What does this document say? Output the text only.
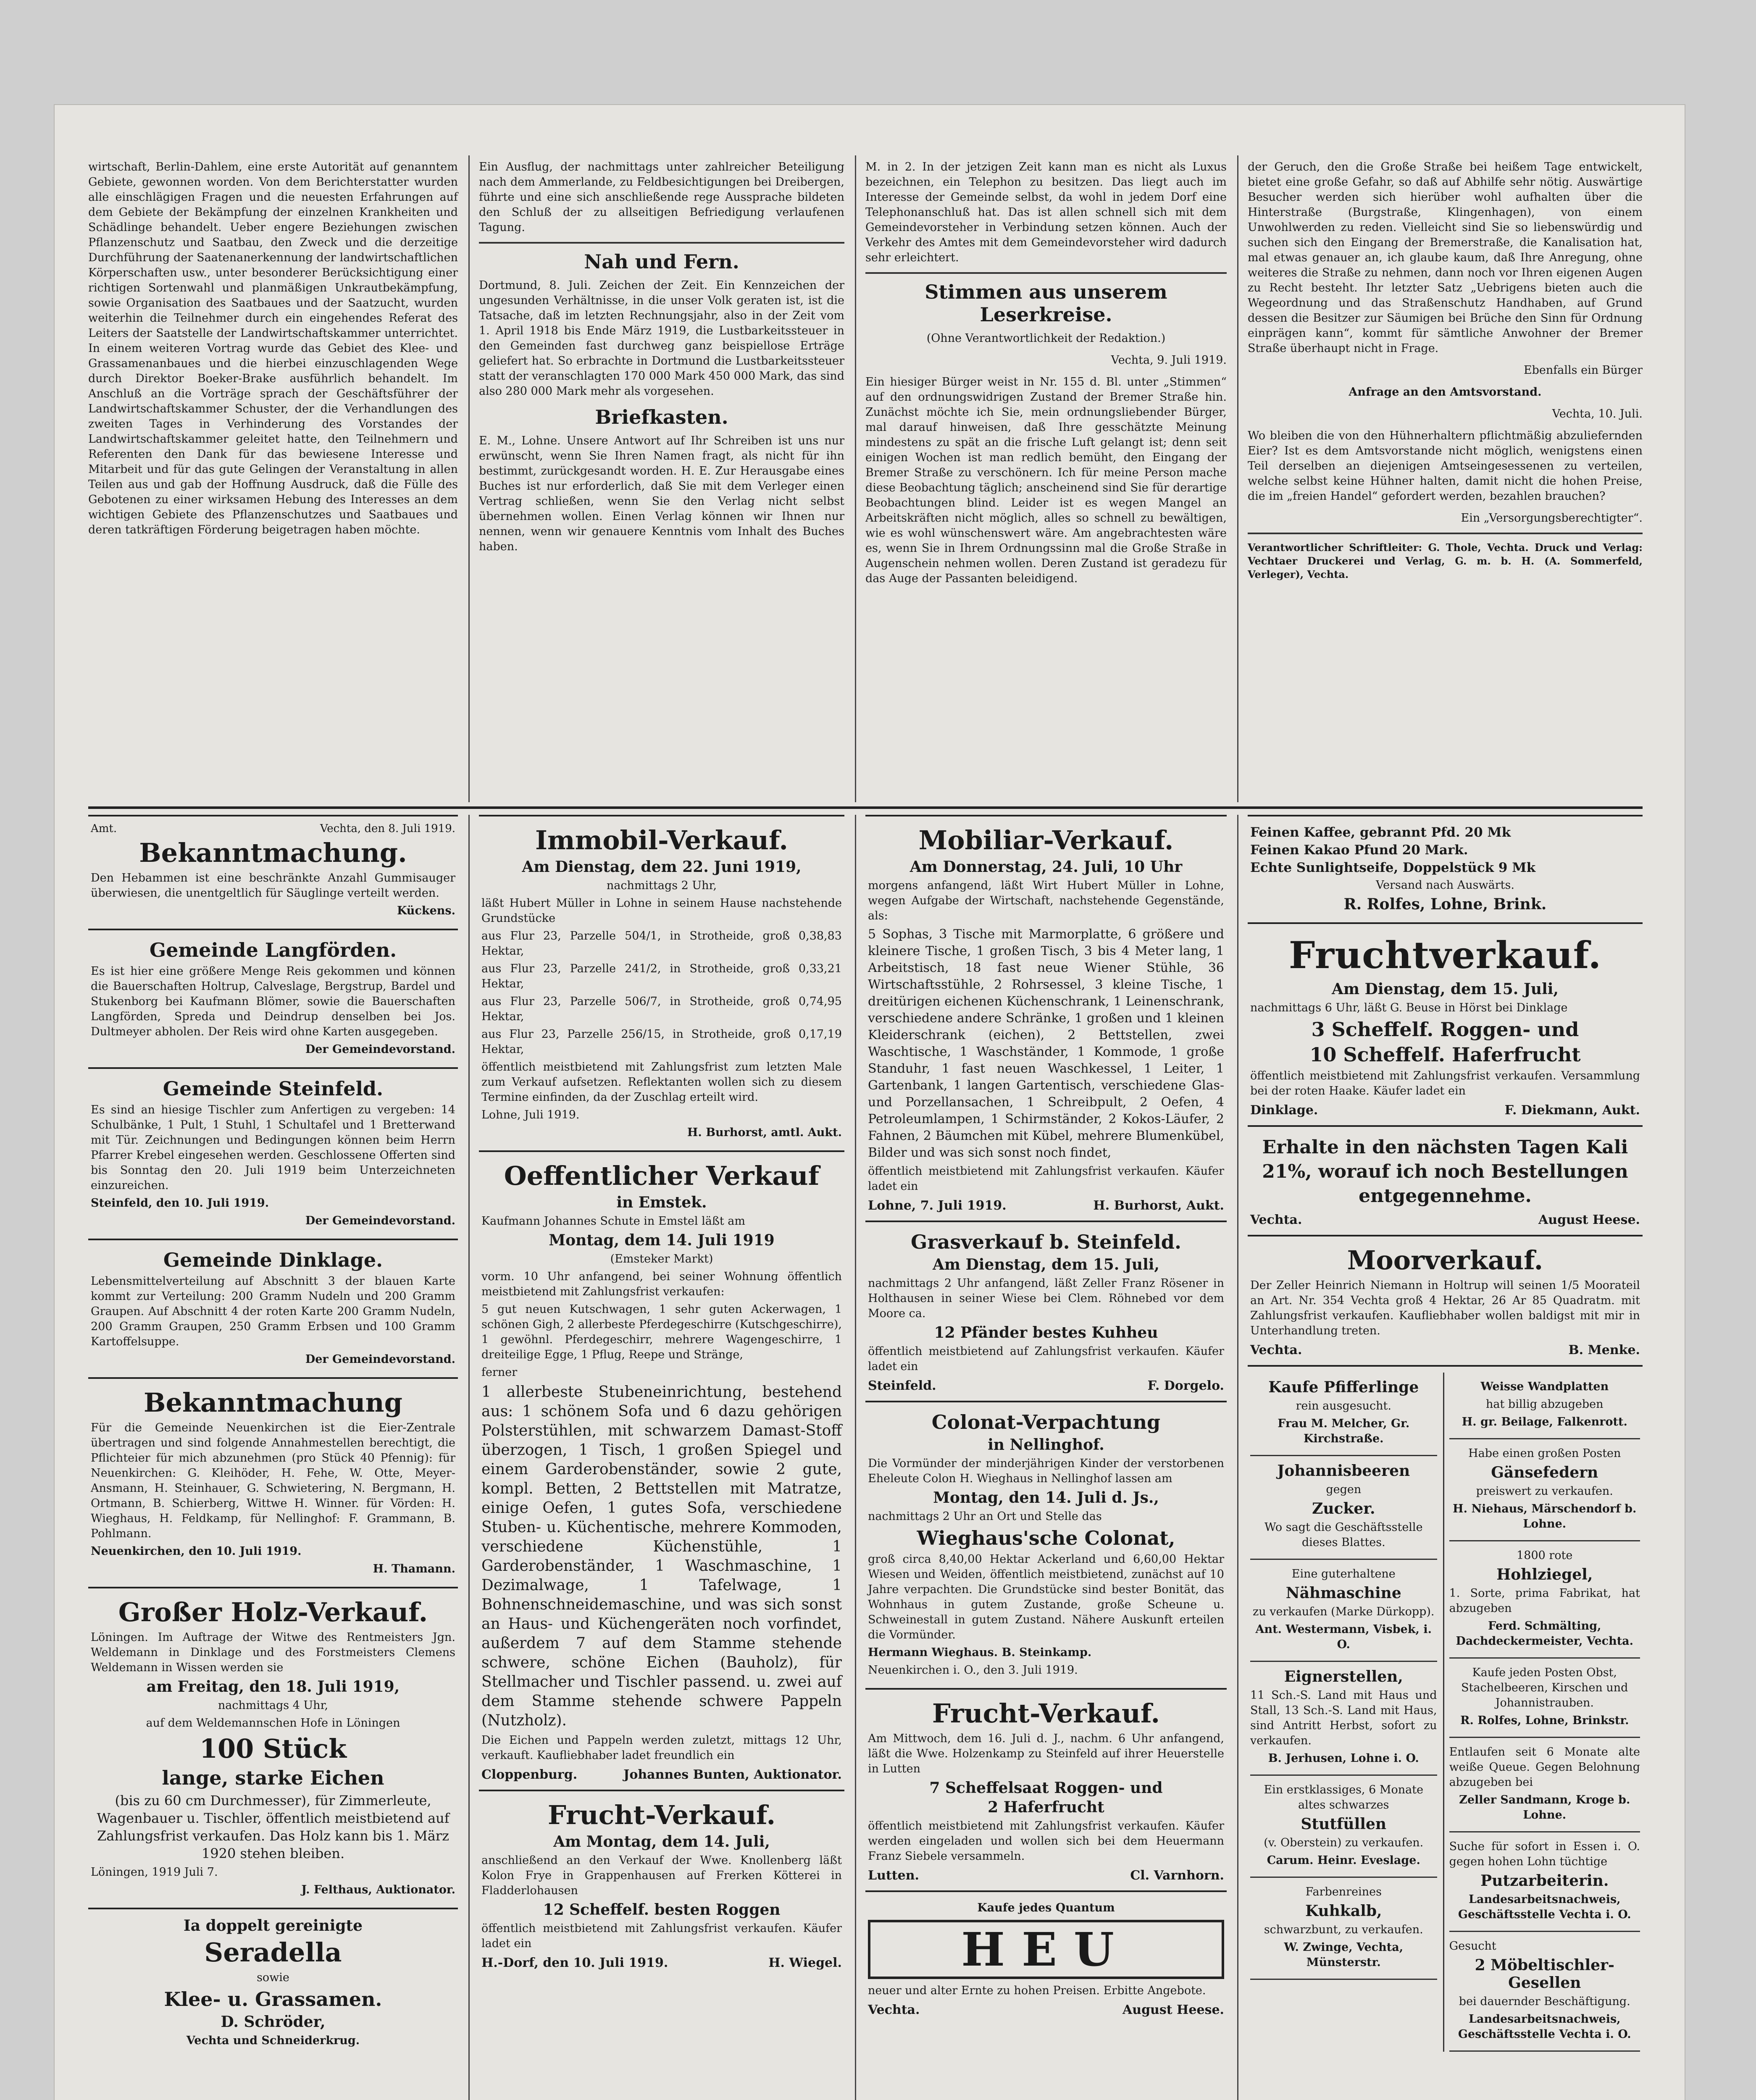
wirtschaft, Berlin-Dahlem, eine erste Autorität auf genanntem Gebiete, gewonnen worden. Von dem Berichterstatter wurden alle einschlägigen Fragen und die neuesten Erfahrungen auf dem Gebiete der Bekämpfung der einzelnen Krankheiten und Schädlinge behandelt. Ueber engere Beziehungen zwischen Pflanzenschutz und Saatbau, den Zweck und die derzeitige Durchführung der Saatenanerkennung der landwirtschaftlichen Körperschaften usw., unter besonderer Berücksichtigung einer richtigen Sortenwahl und planmäßigen Unkrautbekämpfung, sowie Organisation des Saatbaues und der Saatzucht, wurden weiterhin die Teilnehmer durch ein eingehendes Referat des Leiters der Saatstelle der Landwirtschaftskammer unterrichtet. In einem weiteren Vortrag wurde das Gebiet des Klee- und Grassamenanbaues und die hierbei einzuschlagenden Wege durch Direktor Boeker-Brake ausführlich behandelt. Im Anschluß an die Vorträge sprach der Geschäftsführer der Landwirtschaftskammer Schuster, der die Verhandlungen des zweiten Tages in Verhinderung des Vorstandes der Landwirtschaftskammer geleitet hatte, den Teilnehmern und Referenten den Dank für das bewiesene Interesse und Mitarbeit und für das gute Gelingen der Veranstaltung in allen Teilen aus und gab der Hoffnung Ausdruck, daß die Fülle des Gebotenen zu einer wirksamen Hebung des Interesses an dem wichtigen Gebiete des Pflanzenschutzes und Saatbaues und deren tatkräftigen Förderung beigetragen haben möchte.

Ein Ausflug, der nachmittags unter zahlreicher Beteiligung nach dem Ammerlande, zu Feldbesichtigungen bei Dreibergen, führte und eine sich anschließende rege Aussprache bildeten den Schluß der zu allseitigen Befriedigung verlaufenen Tagung.

Nah und Fern.

Dortmund, 8. Juli. Zeichen der Zeit. Ein Kennzeichen der ungesunden Verhältnisse, in die unser Volk geraten ist, ist die Tatsache, daß im letzten Rechnungsjahr, also in der Zeit vom 1. April 1918 bis Ende März 1919, die Lustbarkeitssteuer in den Gemeinden fast durchweg ganz beispiellose Erträge geliefert hat. So erbrachte in Dortmund die Lustbarkeitssteuer statt der veranschlagten 170 000 Mark 450 000 Mark, das sind also 280 000 Mark mehr als vorgesehen.

Briefkasten.

E. M., Lohne. Unsere Antwort auf Ihr Schreiben ist uns nur erwünscht, wenn Sie Ihren Namen fragt, als nicht für ihn bestimmt, zurückgesandt worden. H. E. Zur Herausgabe eines Buches ist nur erforderlich, daß Sie mit dem Verleger einen Vertrag schließen, wenn Sie den Verlag nicht selbst übernehmen wollen. Einen Verlag können wir Ihnen nur nennen, wenn wir genauere Kenntnis vom Inhalt des Buches haben.

M. in 2. In der jetzigen Zeit kann man es nicht als Luxus bezeichnen, ein Telephon zu besitzen. Das liegt auch im Interesse der Gemeinde selbst, da wohl in jedem Dorf eine Telephonanschluß hat. Das ist allen schnell sich mit dem Gemeindevorsteher in Verbindung setzen können. Auch der Verkehr des Amtes mit dem Gemeindevorsteher wird dadurch sehr erleichtert.

Stimmen aus unserem Leserkreise.

(Ohne Verantwortlichkeit der Redaktion.)

Vechta, 9. Juli 1919.

Ein hiesiger Bürger weist in Nr. 155 d. Bl. unter „Stimmen“ auf den ordnungswidrigen Zustand der Bremer Straße hin. Zunächst möchte ich Sie, mein ordnungsliebender Bürger, mal darauf hinweisen, daß Ihre gesschätzte Meinung mindestens zu spät an die frische Luft gelangt ist; denn seit einigen Wochen ist man redlich bemüht, den Eingang der Bremer Straße zu verschönern. Ich für meine Person mache diese Beobachtung täglich; anscheinend sind Sie für derartige Beobachtungen blind. Leider ist es wegen Mangel an Arbeitskräften nicht möglich, alles so schnell zu bewältigen, wie es wohl wünschenswert wäre. Am angebrachtesten wäre es, wenn Sie in Ihrem Ordnungssinn mal die Große Straße in Augenschein nehmen wollen. Deren Zustand ist geradezu für das Auge der Passanten beleidigend.

der Geruch, den die Große Straße bei heißem Tage entwickelt, bietet eine große Gefahr, so daß auf Abhilfe sehr nötig. Auswärtige Besucher werden sich hierüber wohl aufhalten über die Hinterstraße (Burgstraße, Klingenhagen), von einem Unwohlwerden zu reden. Vielleicht sind Sie so liebenswürdig und suchen sich den Eingang der Bremerstraße, die Kanalisation hat, mal etwas genauer an, ich glaube kaum, daß Ihre Anregung, ohne weiteres die Straße zu nehmen, dann noch vor Ihren eigenen Augen zu Recht besteht. Ihr letzter Satz „Uebrigens bieten auch die Wegeordnung und das Straßenschutz Handhaben, auf Grund dessen die Besitzer zur Säumigen bei Brüche den Sinn für Ordnung einprägen kann“, kommt für sämtliche Anwohner der Bremer Straße überhaupt nicht in Frage.

Ebenfalls ein Bürger

Anfrage an den Amtsvorstand.

Vechta, 10. Juli.

Wo bleiben die von den Hühnerhaltern pflichtmäßig abzuliefernden Eier? Ist es dem Amtsvorstande nicht möglich, wenigstens einen Teil derselben an diejenigen Amtseingesessenen zu verteilen, welche selbst keine Hühner halten, damit nicht die hohen Preise, die im „freien Handel“ gefordert werden, bezahlen brauchen?

Ein „Versorgungsberechtigter“.

Verantwortlicher Schriftleiter: G. Thole, Vechta. Druck und Verlag: Vechtaer Druckerei und Verlag, G. m. b. H. (A. Sommerfeld, Verleger), Vechta.

Amt.	Vechta, den 8. Juli 1919.
Bekanntmachung.

Den Hebammen ist eine beschränkte Anzahl Gummisauger überwiesen, die unentgeltlich für Säuglinge verteilt werden.

Kückens.

Gemeinde Langförden.

Es ist hier eine größere Menge Reis gekommen und können die Bauerschaften Holtrup, Calveslage, Bergstrup, Bardel und Stukenborg bei Kaufmann Blömer, sowie die Bauerschaften Langförden, Spreda und Deindrup denselben bei Jos. Dultmeyer abholen. Der Reis wird ohne Karten ausgegeben.

Der Gemeindevorstand.

Gemeinde Steinfeld.

Es sind an hiesige Tischler zum Anfertigen zu vergeben: 14 Schulbänke, 1 Pult, 1 Stuhl, 1 Schultafel und 1 Bretterwand mit Tür. Zeichnungen und Bedingungen können beim Herrn Pfarrer Krebel eingesehen werden. Geschlossene Offerten sind bis Sonntag den 20. Juli 1919 beim Unterzeichneten einzureichen.

Steinfeld, den 10. Juli 1919.

Der Gemeindevorstand.

Gemeinde Dinklage.

Lebensmittelverteilung auf Abschnitt 3 der blauen Karte kommt zur Verteilung: 200 Gramm Nudeln und 200 Gramm Graupen. Auf Abschnitt 4 der roten Karte 200 Gramm Nudeln, 200 Gramm Graupen, 250 Gramm Erbsen und 100 Gramm Kartoffelsuppe.

Der Gemeindevorstand.

Bekanntmachung

Für die Gemeinde Neuenkirchen ist die Eier-Zentrale übertragen und sind folgende Annahmestellen berechtigt, die Pflichteier für mich abzunehmen (pro Stück 40 Pfennig): für Neuenkirchen: G. Kleihöder, H. Fehe, W. Otte, Meyer-Ansmann, H. Steinhauer, G. Schwietering, N. Bergmann, H. Ortmann, B. Schierberg, Wittwe H. Winner. für Vörden: H. Wieghaus, H. Feldkamp, für Nellinghof: F. Grammann, B. Pohlmann.

Neuenkirchen, den 10. Juli 1919.

H. Thamann.

Großer Holz-Verkauf.

Löningen. Im Auftrage der Witwe des Rentmeisters Jgn. Weldemann in Dinklage und des Forstmeisters Clemens Weldemann in Wissen werden sie

am Freitag, den 18. Juli 1919,

nachmittags 4 Uhr,

auf dem Weldemannschen Hofe in Löningen

100 Stück
lange, starke Eichen

(bis zu 60 cm Durchmesser), für Zimmerleute, Wagenbauer u. Tischler, öffentlich meistbietend auf Zahlungsfrist verkaufen. Das Holz kann bis 1. März 1920 stehen bleiben.

Löningen, 1919 Juli 7.

J. Felthaus, Auktionator.

Ia doppelt gereinigte
Seradella

sowie

Klee- u. Grassamen.
D. Schröder,

Vechta und Schneiderkrug.

Immobil-Verkauf.
Am Dienstag, dem 22. Juni 1919,

nachmittags 2 Uhr,

läßt Hubert Müller in Lohne in seinem Hause nachstehende Grundstücke

aus Flur 23, Parzelle 504/1, in Strotheide, groß 0,38,83 Hektar,

aus Flur 23, Parzelle 241/2, in Strotheide, groß 0,33,21 Hektar,

aus Flur 23, Parzelle 506/7, in Strotheide, groß 0,74,95 Hektar,

aus Flur 23, Parzelle 256/15, in Strotheide, groß 0,17,19 Hektar,

öffentlich meistbietend mit Zahlungsfrist zum letzten Male zum Verkauf aufsetzen. Reflektanten wollen sich zu diesem Termine einfinden, da der Zuschlag erteilt wird.

Lohne, Juli 1919.

H. Burhorst, amtl. Aukt.

Oeffentlicher Verkauf
in Emstek.

Kaufmann Johannes Schute in Emstel läßt am

Montag, dem 14. Juli 1919

(Emsteker Markt)

vorm. 10 Uhr anfangend, bei seiner Wohnung öffentlich meistbietend mit Zahlungsfrist verkaufen:

5 gut neuen Kutschwagen, 1 sehr guten Ackerwagen, 1 schönen Gigh, 2 allerbeste Pferdegeschirre (Kutschgeschirre), 1 gewöhnl. Pferdegeschirr, mehrere Wagengeschirre, 1 dreiteilige Egge, 1 Pflug, Reepe und Stränge,

ferner

1 allerbeste Stubeneinrichtung, bestehend aus: 1 schönem Sofa und 6 dazu gehörigen Polsterstühlen, mit schwarzem Damast-Stoff überzogen, 1 Tisch, 1 großen Spiegel und einem Garderobenständer, sowie 2 gute, kompl. Betten, 2 Bettstellen mit Matratze, einige Oefen, 1 gutes Sofa, verschiedene Stuben- u. Küchentische, mehrere Kommoden, verschiedene Küchenstühle, 1 Garderobenständer, 1 Waschmaschine, 1 Dezimalwage, 1 Tafelwage, 1 Bohnenschneidemaschine, und was sich sonst an Haus- und Küchengeräten noch vorfindet, außerdem 7 auf dem Stamme stehende schwere, schöne Eichen (Bauholz), für Stellmacher und Tischler passend. u. zwei auf dem Stamme stehende schwere Pappeln (Nutzholz).

Die Eichen und Pappeln werden zuletzt, mittags 12 Uhr, verkauft. Kaufliebhaber ladet freundlich ein

Cloppenburg.	Johannes Bunten, Auktionator.
Frucht-Verkauf.
Am Montag, dem 14. Juli,

anschließend an den Verkauf der Wwe. Knollenberg läßt Kolon Frye in Grappenhausen auf Frerken Kötterei in Fladderlohausen

12 Scheffelf. besten Roggen

öffentlich meistbietend mit Zahlungsfrist verkaufen. Käufer ladet ein

H.-Dorf, den 10. Juli 1919.	H. Wiegel.
Mobiliar-Verkauf.
Am Donnerstag, 24. Juli, 10 Uhr

morgens anfangend, läßt Wirt Hubert Müller in Lohne, wegen Aufgabe der Wirtschaft, nachstehende Gegenstände, als:

5 Sophas, 3 Tische mit Marmorplatte, 6 größere und kleinere Tische, 1 großen Tisch, 3 bis 4 Meter lang, 1 Arbeitstisch, 18 fast neue Wiener Stühle, 36 Wirtschaftsstühle, 2 Rohrsessel, 3 kleine Tische, 1 dreitürigen eichenen Küchenschrank, 1 Leinenschrank, verschiedene andere Schränke, 1 großen und 1 kleinen Kleiderschrank (eichen), 2 Bettstellen, zwei Waschtische, 1 Waschständer, 1 Kommode, 1 große Standuhr, 1 fast neuen Waschkessel, 1 Leiter, 1 Gartenbank, 1 langen Gartentisch, verschiedene Glas- und Porzellansachen, 1 Schreibpult, 2 Oefen, 4 Petroleumlampen, 1 Schirmständer, 2 Kokos-Läufer, 2 Fahnen, 2 Bäumchen mit Kübel, mehrere Blumenkübel, Bilder und was sich sonst noch findet,

öffentlich meistbietend mit Zahlungsfrist verkaufen. Käufer ladet ein

Lohne, 7. Juli 1919.	H. Burhorst, Aukt.
Grasverkauf b. Steinfeld.
Am Dienstag, dem 15. Juli,

nachmittags 2 Uhr anfangend, läßt Zeller Franz Rösener in Holthausen in seiner Wiese bei Clem. Röhnebed vor dem Moore ca.

12 Pfänder bestes Kuhheu

öffentlich meistbietend auf Zahlungsfrist verkaufen. Käufer ladet ein

Steinfeld.	F. Dorgelo.
Colonat-Verpachtung
in Nellinghof.

Die Vormünder der minderjährigen Kinder der verstorbenen Eheleute Colon H. Wieghaus in Nellinghof lassen am

Montag, den 14. Juli d. Js.,

nachmittags 2 Uhr an Ort und Stelle das

Wieghaus'sche Colonat,

groß circa 8,40,00 Hektar Ackerland und 6,60,00 Hektar Wiesen und Weiden, öffentlich meistbietend, zunächst auf 10 Jahre verpachten. Die Grundstücke sind bester Bonität, das Wohnhaus in gutem Zustande, große Scheune u. Schweinestall in gutem Zustand. Nähere Auskunft erteilen die Vormünder.

Hermann Wieghaus. B. Steinkamp.

Neuenkirchen i. O., den 3. Juli 1919.

Frucht-Verkauf.

Am Mittwoch, dem 16. Juli d. J., nachm. 6 Uhr anfangend, läßt die Wwe. Holzenkamp zu Steinfeld auf ihrer Heuerstelle in Lutten

7 Scheffelsaat Roggen- und
2 Haferfrucht

öffentlich meistbietend mit Zahlungsfrist verkaufen. Käufer werden eingeladen und wollen sich bei dem Heuermann Franz Siebele versammeln.

Lutten.	Cl. Varnhorn.

Kaufe jedes Quantum

HEU

neuer und alter Ernte zu hohen Preisen. Erbitte Angebote.

Vechta.	August Heese.

Feinen Kaffee, gebrannt Pfd. 20 Mk

Feinen Kakao Pfund 20 Mark.

Echte Sunlightseife, Doppelstück 9 Mk

Versand nach Auswärts.

R. Rolfes, Lohne, Brink.
Fruchtverkauf.
Am Dienstag, dem 15. Juli,

nachmittags 6 Uhr, läßt G. Beuse in Hörst bei Dinklage

3 Scheffelf. Roggen- und
10 Scheffelf. Haferfrucht

öffentlich meistbietend mit Zahlungsfrist verkaufen. Versammlung bei der roten Haake. Käufer ladet ein

Dinklage.	F. Diekmann, Aukt.

Erhalte in den nächsten Tagen Kali 21%, worauf ich noch Bestellungen entgegennehme.

Vechta.	August Heese.
Moorverkauf.

Der Zeller Heinrich Niemann in Holtrup will seinen 1/5 Moorateil an Art. Nr. 354 Vechta groß 4 Hektar, 26 Ar 85 Quadratm. mit Zahlungsfrist verkaufen. Kaufliebhaber wollen baldigst mit mir in Unterhandlung treten.

Vechta.	B. Menke.
Kaufe Pfifferlinge

rein ausgesucht.

Frau M. Melcher, Gr. Kirchstraße.

Johannisbeeren

gegen

Zucker.

Wo sagt die Geschäftsstelle dieses Blattes.

Eine guterhaltene

Nähmaschine

zu verkaufen (Marke Dürkopp).

Ant. Westermann, Visbek, i. O.

Eignerstellen,

11 Sch.-S. Land mit Haus und Stall, 13 Sch.-S. Land mit Haus, sind Antritt Herbst, sofort zu verkaufen.

B. Jerhusen, Lohne i. O.

Ein erstklassiges, 6 Monate altes schwarzes

Stutfüllen

(v. Oberstein) zu verkaufen.

Carum. Heinr. Eveslage.

Farbenreines

Kuhkalb,

schwarzbunt, zu verkaufen.

W. Zwinge, Vechta, Münsterstr.

Weisse Wandplatten

hat billig abzugeben

H. gr. Beilage, Falkenrott.

Habe einen großen Posten

Gänsefedern

preiswert zu verkaufen.

H. Niehaus, Märschendorf b. Lohne.

1800 rote

Hohlziegel,

1. Sorte, prima Fabrikat, hat abzugeben

Ferd. Schmälting, Dachdeckermeister, Vechta.

Kaufe jeden Posten Obst, Stachelbeeren, Kirschen und Johannistrauben.

R. Rolfes, Lohne, Brinkstr.

Entlaufen seit 6 Monate alte weiße Queue. Gegen Belohnung abzugeben bei

Zeller Sandmann, Kroge b. Lohne.

Suche für sofort in Essen i. O. gegen hohen Lohn tüchtige

Putzarbeiterin.

Landesarbeitsnachweis, Geschäftsstelle Vechta i. O.

Gesucht

2 Möbeltischler-Gesellen

bei dauernder Beschäftigung.

Landesarbeitsnachweis, Geschäftsstelle Vechta i. O.
